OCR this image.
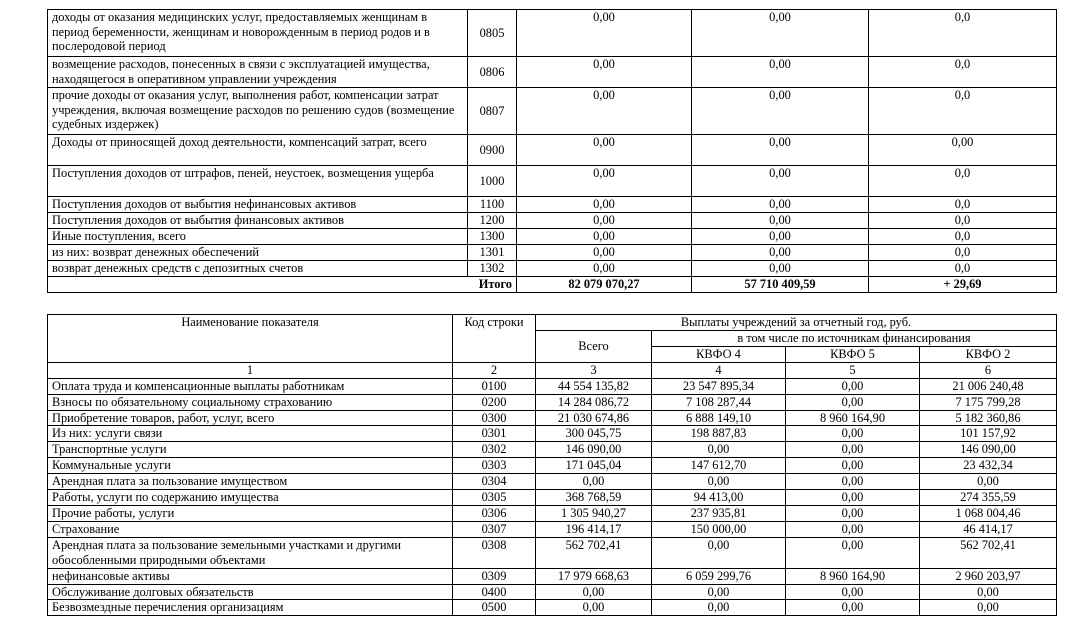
доходы от оказания медицинских услуг, предоставляемых женщинам в период беременности, женщинам и новорожденным в период родов и в послеродовой период	0805	0,00	0,00	0,0
возмещение расходов, понесенных в связи с эксплуатацией имущества, находящегося в оперативном управлении учреждения	0806	0,00	0,00	0,0
прочие доходы от оказания услуг, выполнения работ, компенсации затрат учреждения, включая возмещение расходов по решению судов (возмещение судебных издержек)	0807	0,00	0,00	0,0
Доходы от приносящей доход деятельности, компенсаций затрат, всего	0900	0,00	0,00	0,00
Поступления доходов от штрафов, пеней, неустоек, возмещения ущерба	1000	0,00	0,00	0,0
Поступления доходов от выбытия нефинансовых активов	1100	0,00	0,00	0,0
Поступления доходов от выбытия финансовых активов	1200	0,00	0,00	0,0
Иные поступления, всего	1300	0,00	0,00	0,0
из них: возврат денежных обеспечений	1301	0,00	0,00	0,0
возврат денежных средств с депозитных счетов	1302	0,00	0,00	0,0
Итого		82 079 070,27	57 710 409,59	+ 29,69
Наименование показателя	Код строки	Выплаты учреждений за отчетный год, руб.			
		Всего	в том числе по источникам финансирования		
			КВФО 4	КВФО 5	КВФО 2
1	2	3	4	5	6
Оплата труда и компенсационные выплаты работникам	0100	44 554 135,82	23 547 895,34	0,00	21 006 240,48
Взносы по обязательному социальному страхованию	0200	14 284 086,72	7 108 287,44	0,00	7 175 799,28
Приобретение товаров, работ, услуг, всего	0300	21 030 674,86	6 888 149,10	8 960 164,90	5 182 360,86
Из них: услуги связи	0301	300 045,75	198 887,83	0,00	101 157,92
Транспортные услуги	0302	146 090,00	0,00	0,00	146 090,00
Коммунальные услуги	0303	171 045,04	147 612,70	0,00	23 432,34
Арендная плата за пользование имуществом	0304	0,00	0,00	0,00	0,00
Работы, услуги по содержанию имущества	0305	368 768,59	94 413,00	0,00	274 355,59
Прочие работы, услуги	0306	1 305 940,27	237 935,81	0,00	1 068 004,46
Страхование	0307	196 414,17	150 000,00	0,00	46 414,17
Арендная плата за пользование земельными участками и другими обособленными природными объектами	0308	562 702,41	0,00	0,00	562 702,41
нефинансовые активы	0309	17 979 668,63	6 059 299,76	8 960 164,90	2 960 203,97
Обслуживание долговых обязательств	0400	0,00	0,00	0,00	0,00
Безвозмездные перечисления организациям	0500	0,00	0,00	0,00	0,00
